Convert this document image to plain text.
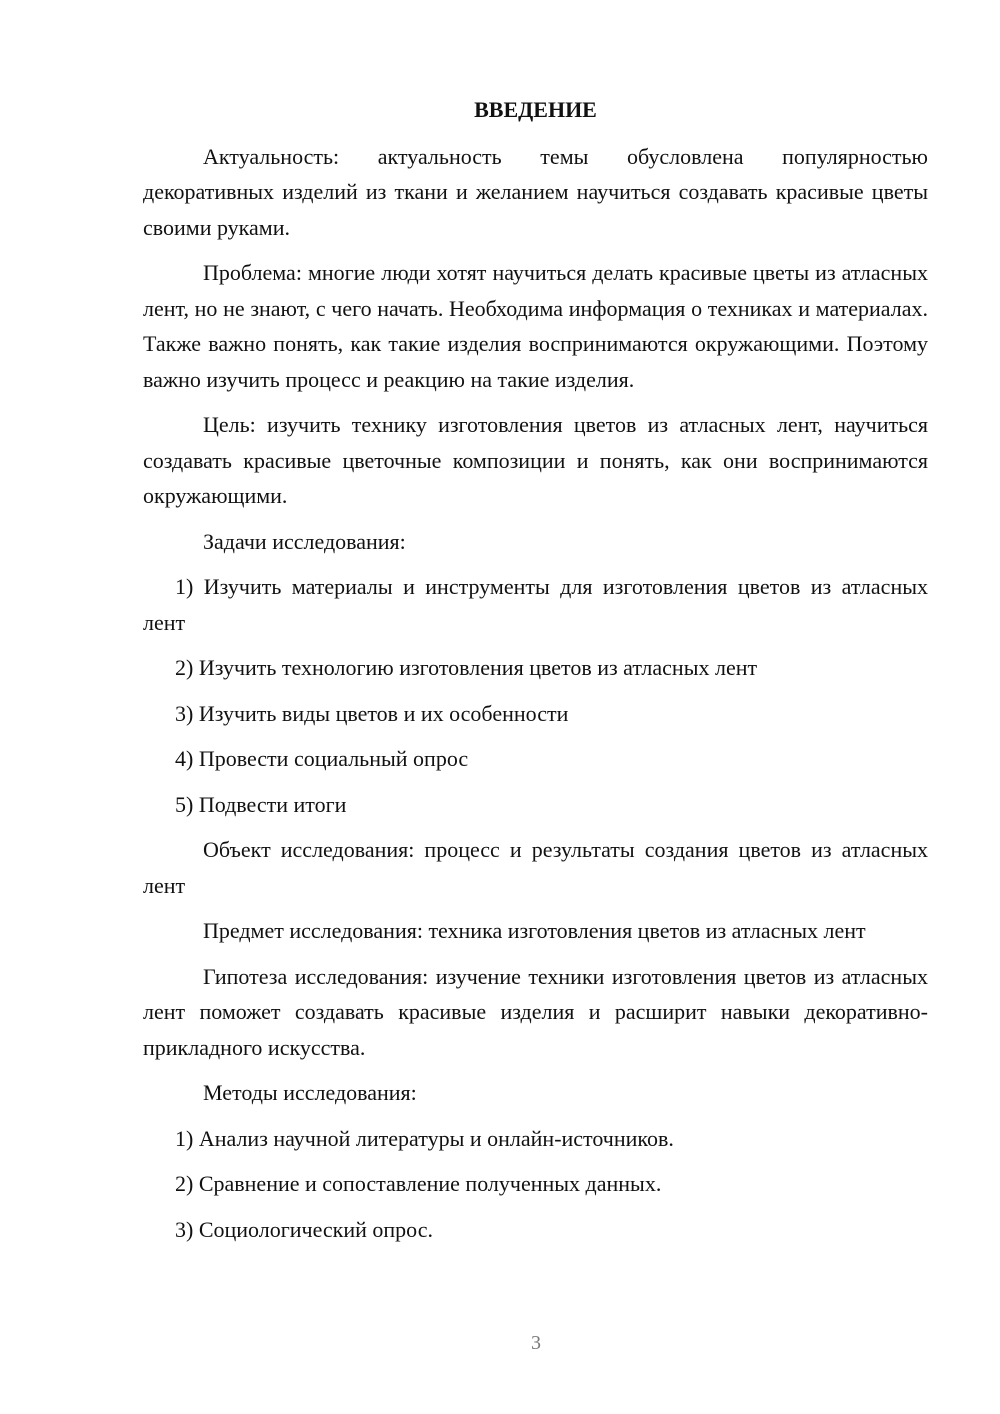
ВВЕДЕНИЕ
Актуальность: актуальность темы обусловлена популярностью декоративных изделий из ткани и желанием научиться создавать красивые цветы своими руками.
Проблема: многие люди хотят научиться делать красивые цветы из атласных лент, но не знают, с чего начать. Необходима информация о техниках и материалах. Также важно понять, как такие изделия воспринимаются окружающими. Поэтому важно изучить процесс и реакцию на такие изделия.
Цель: изучить технику изготовления цветов из атласных лент, научиться создавать красивые цветочные композиции и понять, как они воспринимаются окружающими.
Задачи исследования:
1) Изучить материалы и инструменты для изготовления цветов из атласных лент
2) Изучить технологию изготовления цветов из атласных лент
3) Изучить виды цветов и их особенности
4) Провести социальный опрос
5) Подвести итоги
Объект исследования: процесс и результаты создания цветов из атласных лент
Предмет исследования: техника изготовления цветов из атласных лент
Гипотеза исследования: изучение техники изготовления цветов из атласных лент поможет создавать красивые изделия и расширит навыки декоративно-прикладного искусства.
Методы исследования:
1) Анализ научной литературы и онлайн-источников.
2) Сравнение и сопоставление полученных данных.
3) Социологический опрос.
3
